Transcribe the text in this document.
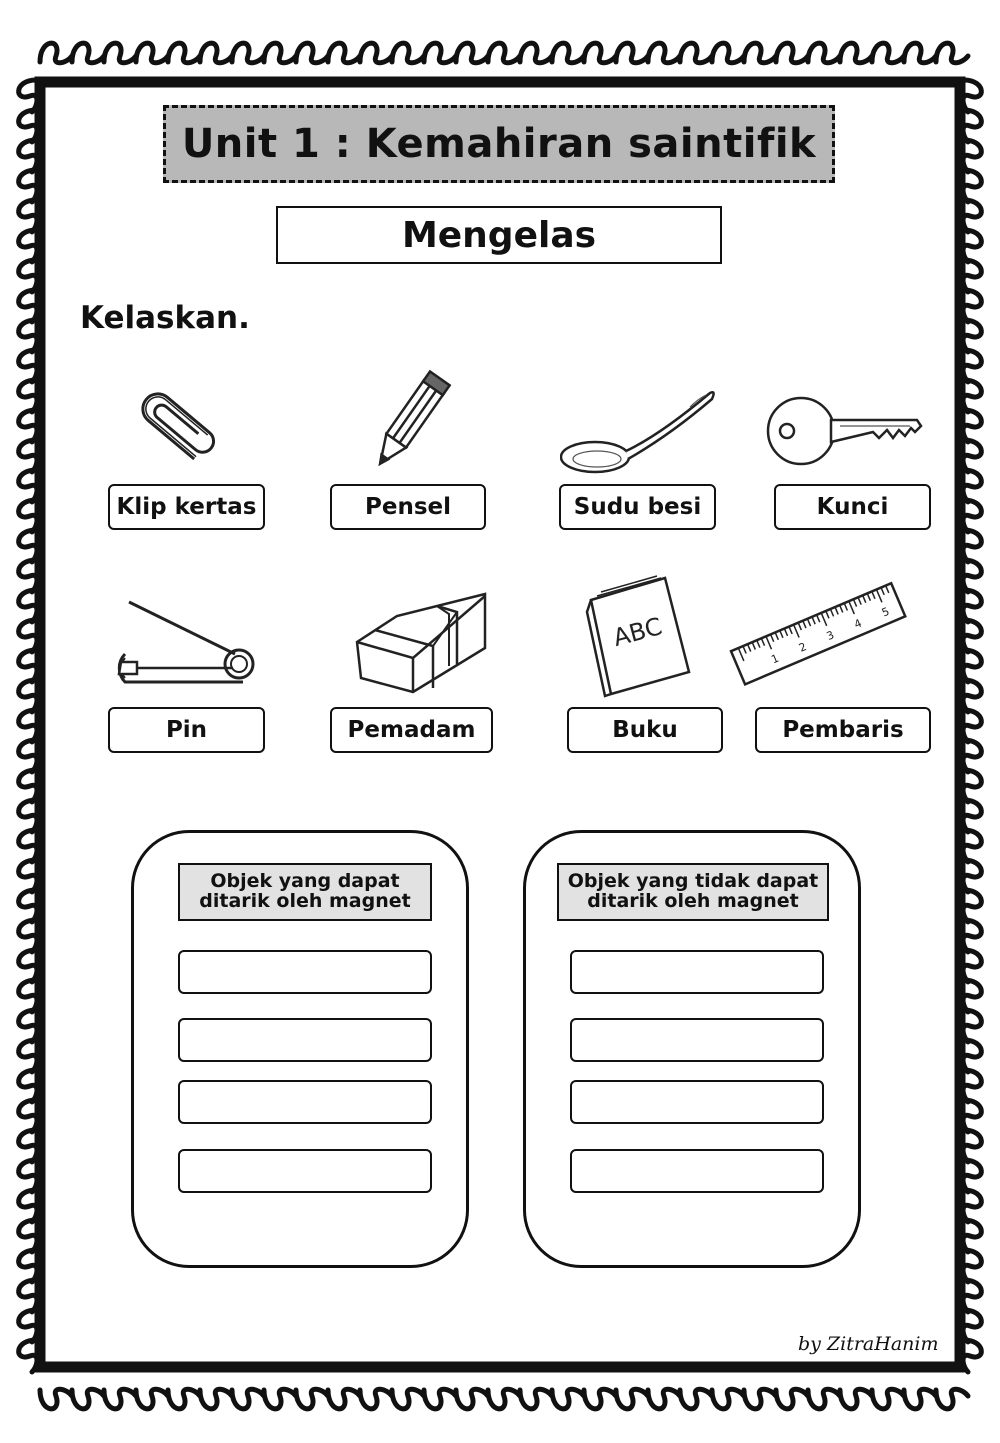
Unit 1 : Kemahiran saintifik
Mengelas
Kelaskan.
Klip kertas	Pensel	Sudu besi	Kunci
ABC
1
2
3
4
5
Pin	Pemadam	Buku	Pembaris
Objek yang dapat ditarik oleh magnet
Objek yang tidak dapat ditarik oleh magnet
by ZitraHanim
